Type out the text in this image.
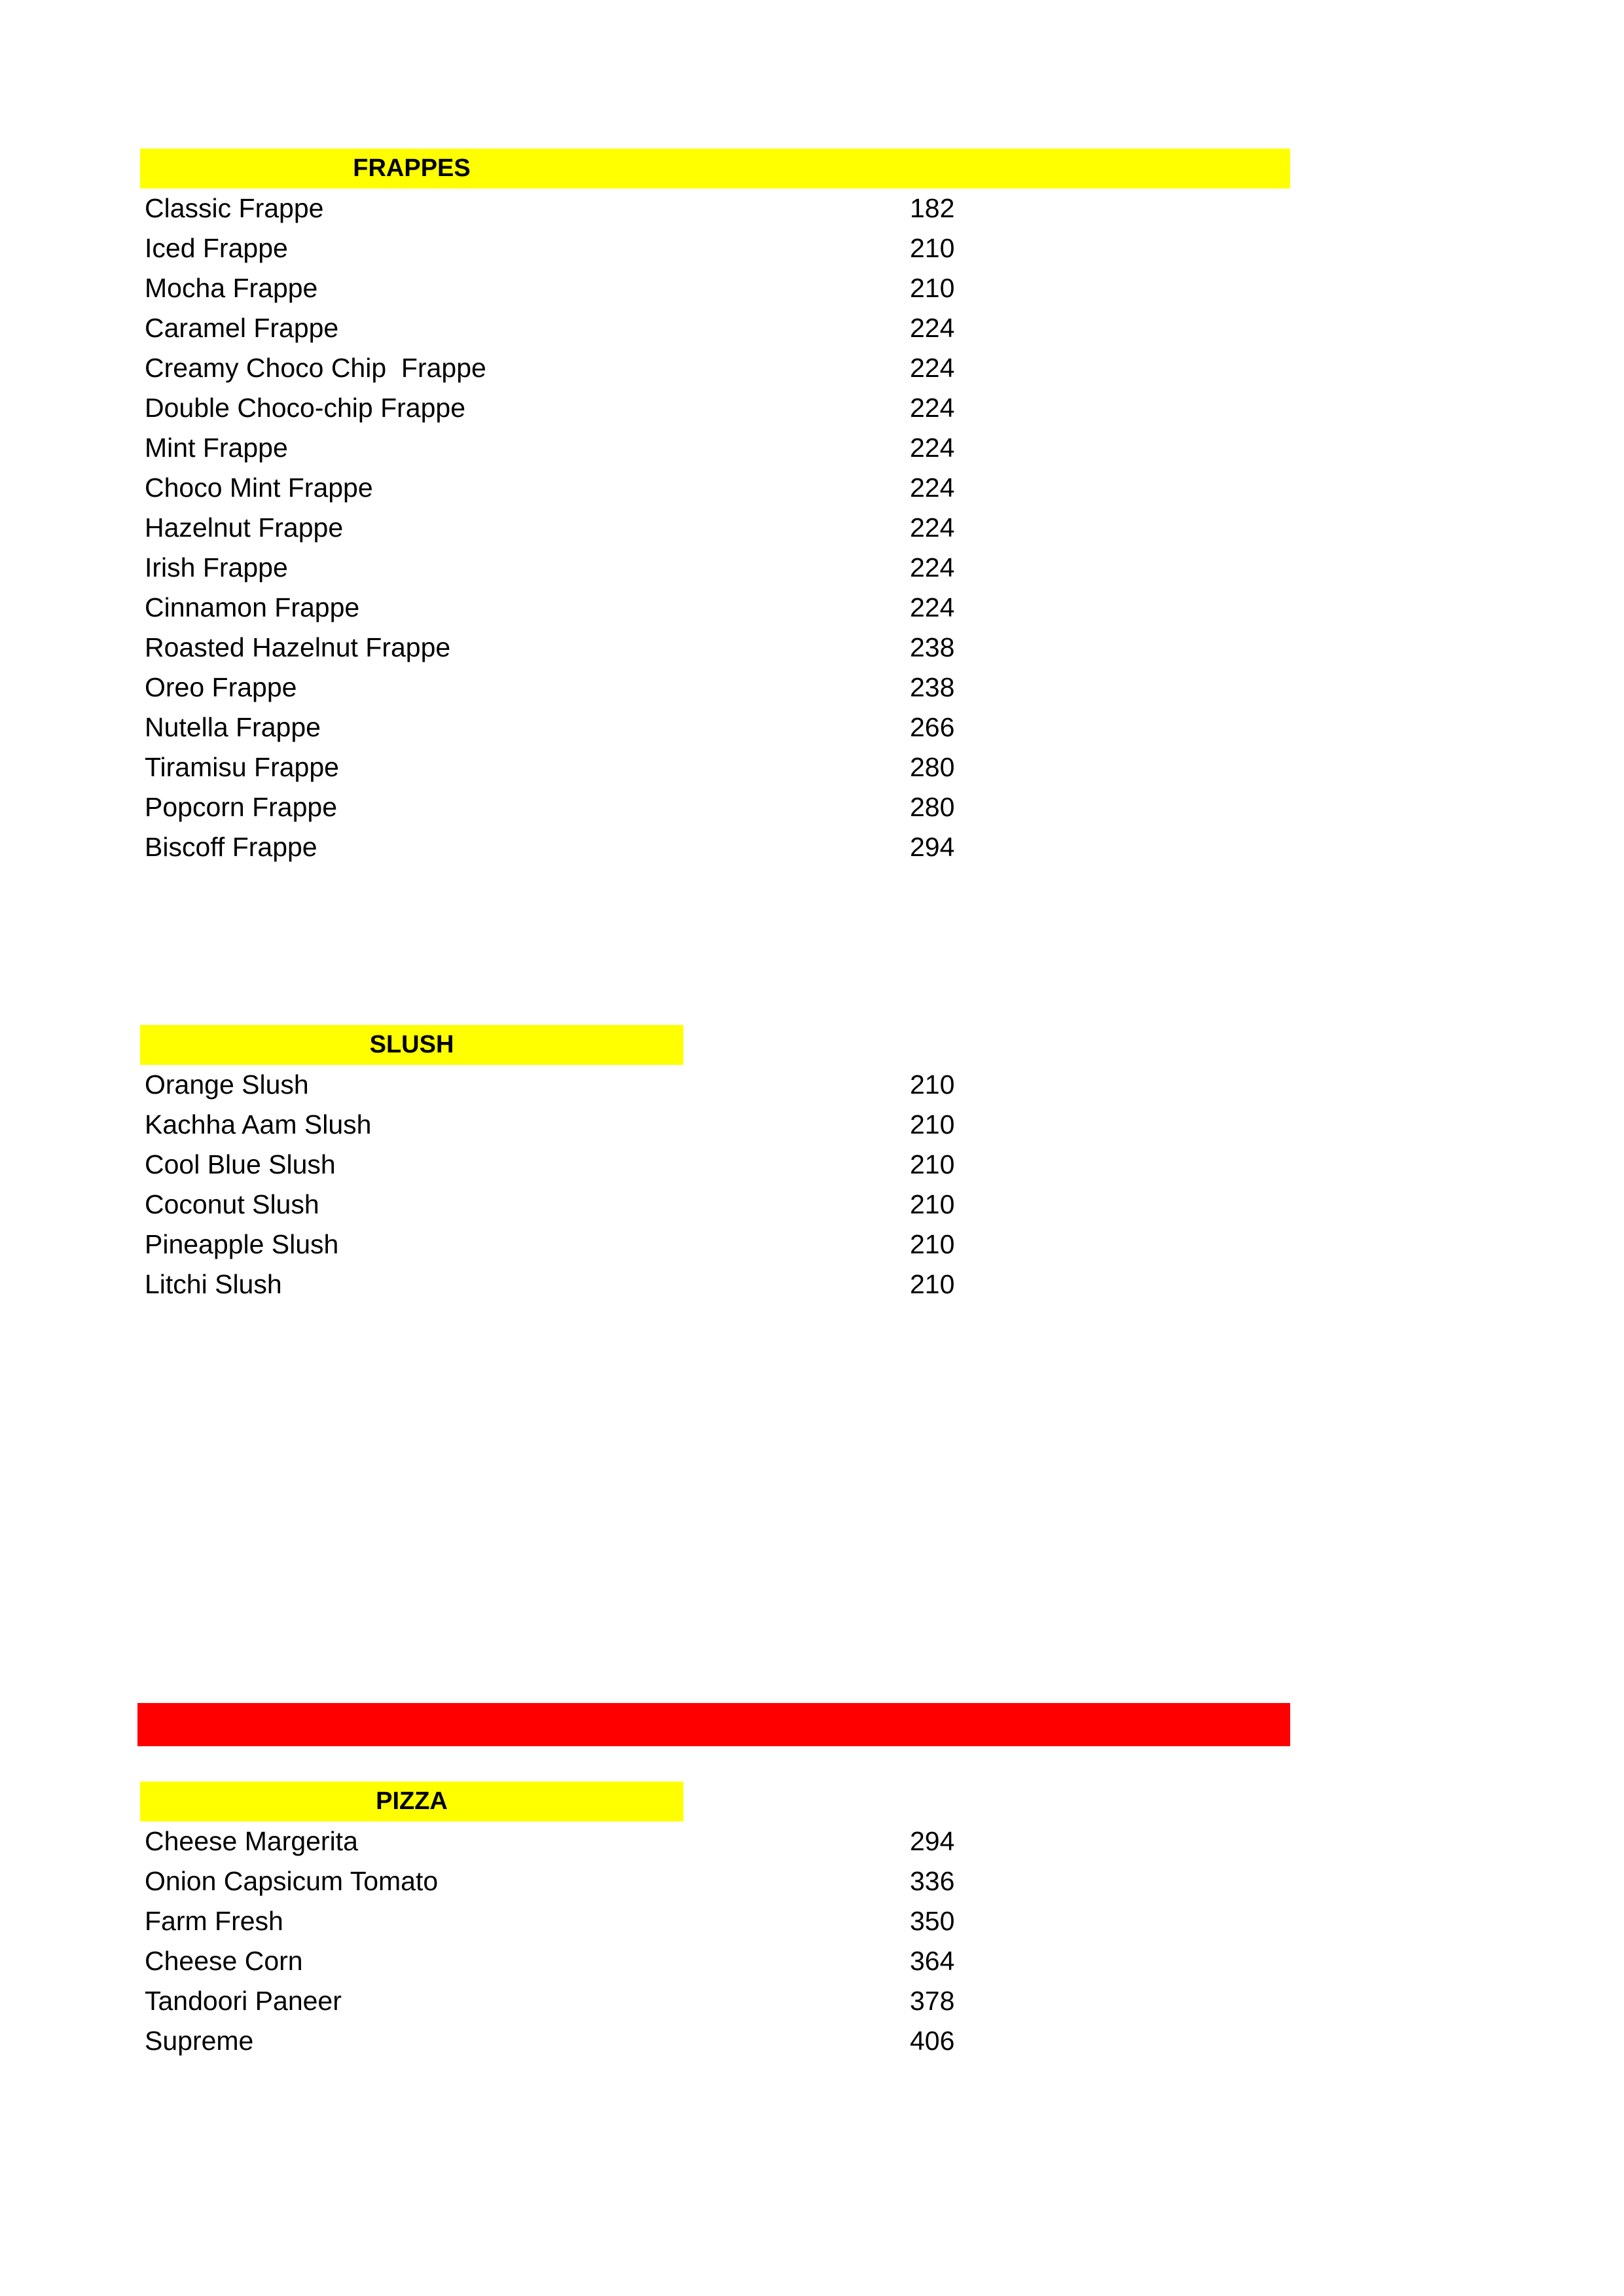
FRAPPES
Classic Frappe	182
Iced Frappe	210
Mocha Frappe	210
Caramel Frappe	224
Creamy Choco Chip  Frappe	224
Double Choco-chip Frappe	224
Mint Frappe	224
Choco Mint Frappe	224
Hazelnut Frappe	224
Irish Frappe	224
Cinnamon Frappe	224
Roasted Hazelnut Frappe	238
Oreo Frappe	238
Nutella Frappe	266
Tiramisu Frappe	280
Popcorn Frappe	280
Biscoff Frappe	294
SLUSH
Orange Slush	210
Kachha Aam Slush	210
Cool Blue Slush	210
Coconut Slush	210
Pineapple Slush	210
Litchi Slush	210
PIZZA
Cheese Margerita	294
Onion Capsicum Tomato	336
Farm Fresh	350
Cheese Corn	364
Tandoori Paneer	378
Supreme	406
